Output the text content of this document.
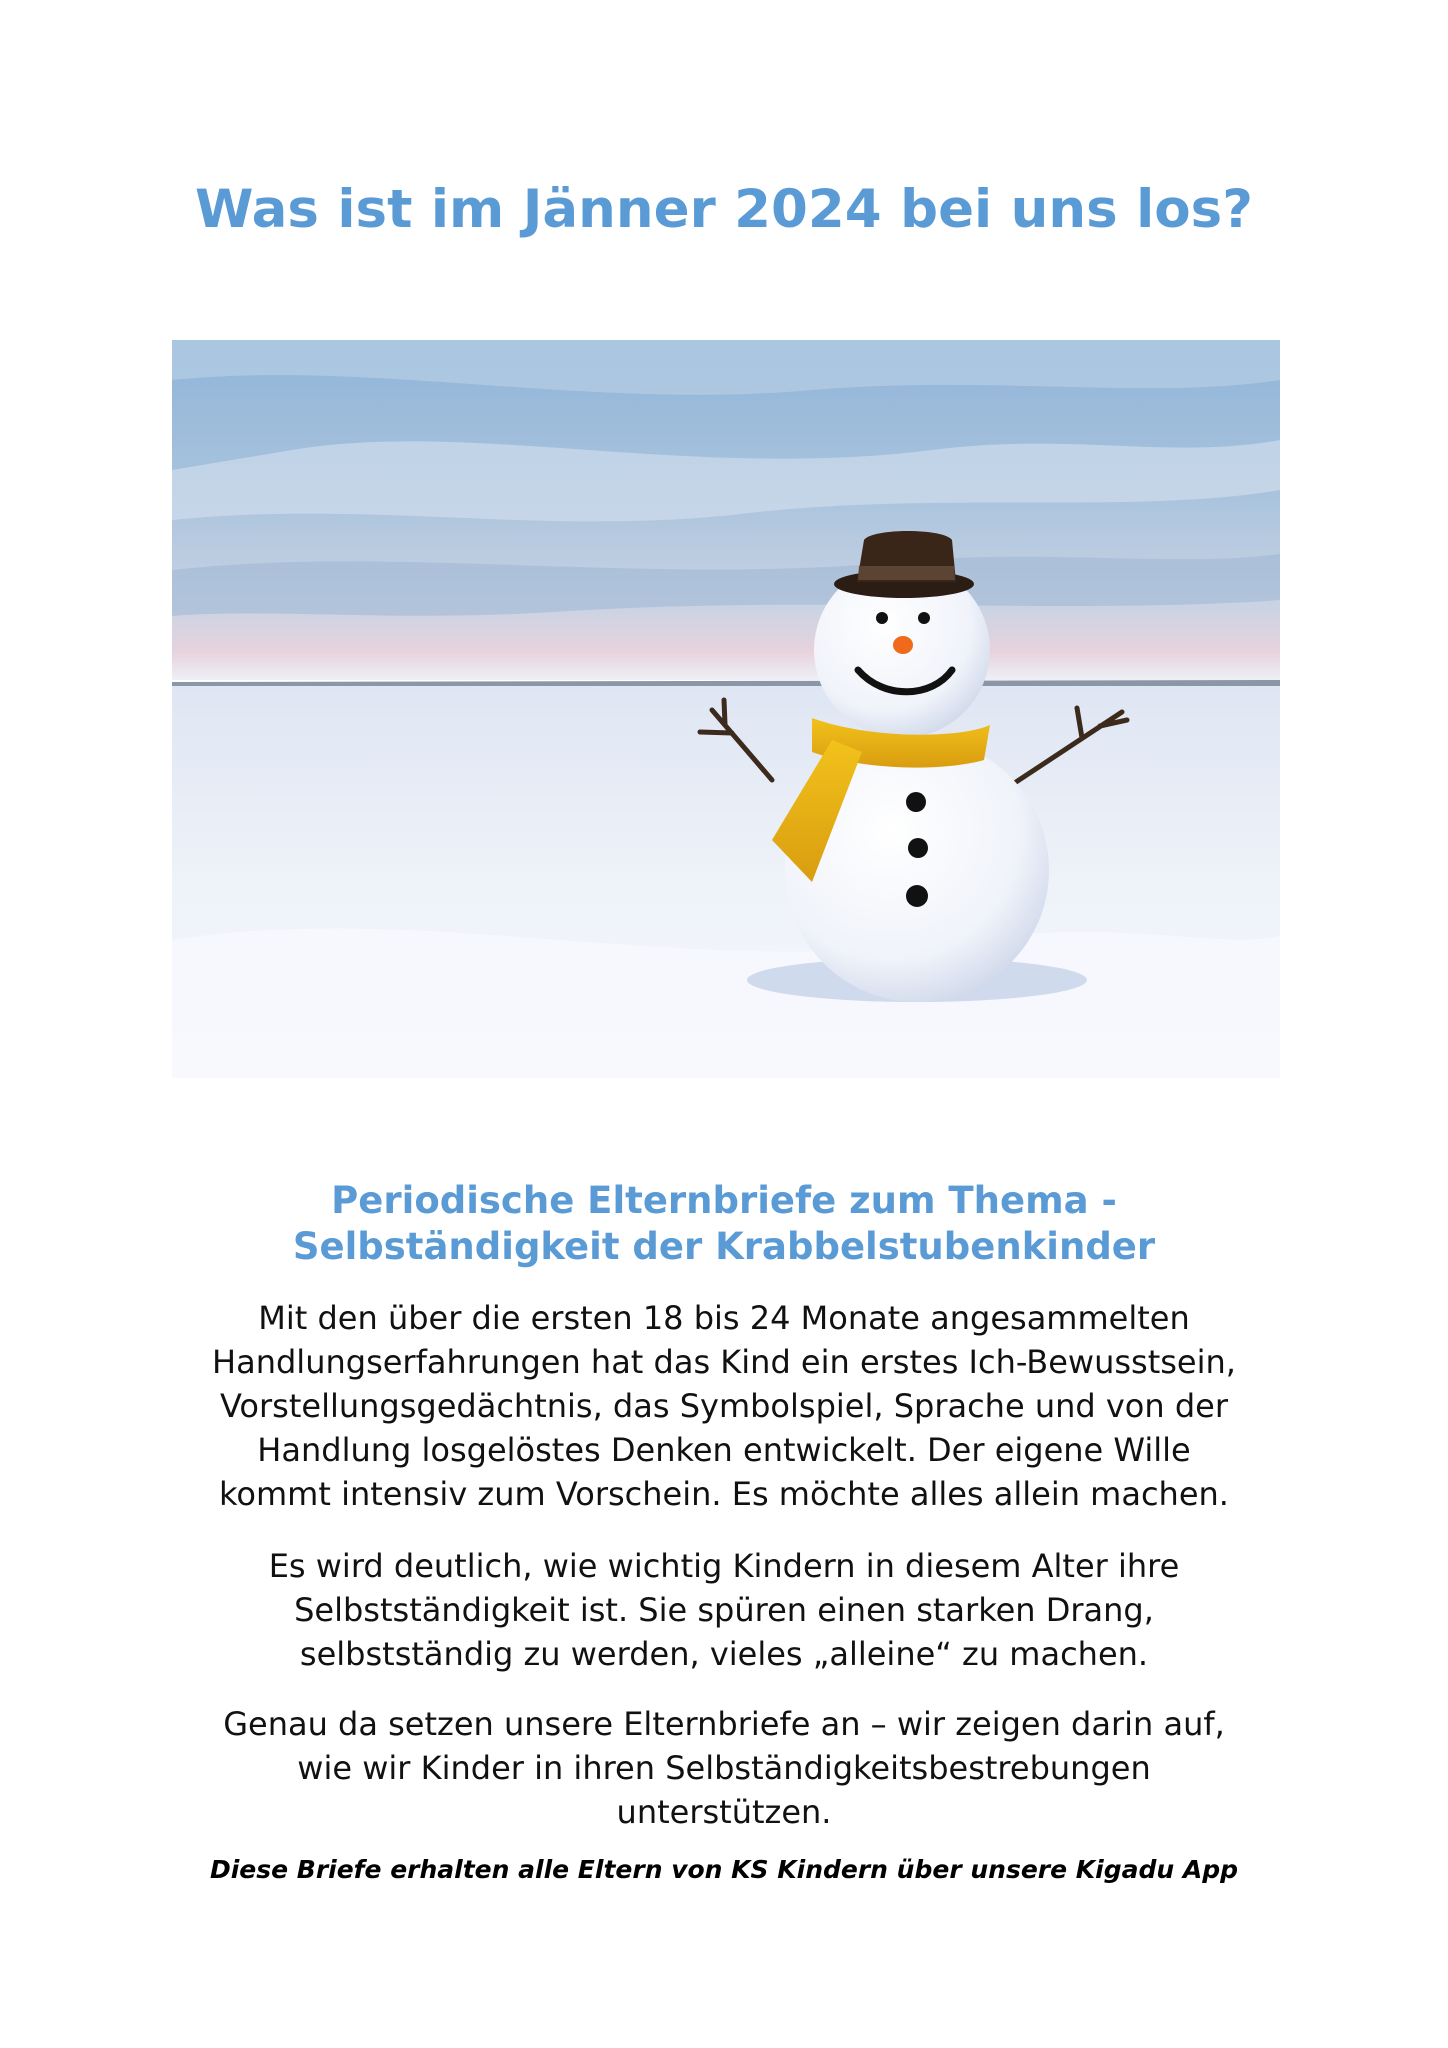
Was ist im Jänner 2024 bei uns los?
Periodische Elternbriefe zum Thema -
Selbständigkeit der Krabbelstubenkinder

Mit den über die ersten 18 bis 24 Monate angesammelten
Handlungserfahrungen hat das Kind ein erstes Ich-Bewusstsein,
Vorstellungsgedächtnis, das Symbolspiel, Sprache und von der
Handlung losgelöstes Denken entwickelt. Der eigene Wille
kommt intensiv zum Vorschein. Es möchte alles allein machen.

Es wird deutlich, wie wichtig Kindern in diesem Alter ihre
Selbstständigkeit ist. Sie spüren einen starken Drang,
selbstständig zu werden, vieles „alleine“ zu machen.

Genau da setzen unsere Elternbriefe an – wir zeigen darin auf,
wie wir Kinder in ihren Selbständigkeitsbestrebungen
unterstützen.

Diese Briefe erhalten alle Eltern von KS Kindern über unsere Kigadu App
